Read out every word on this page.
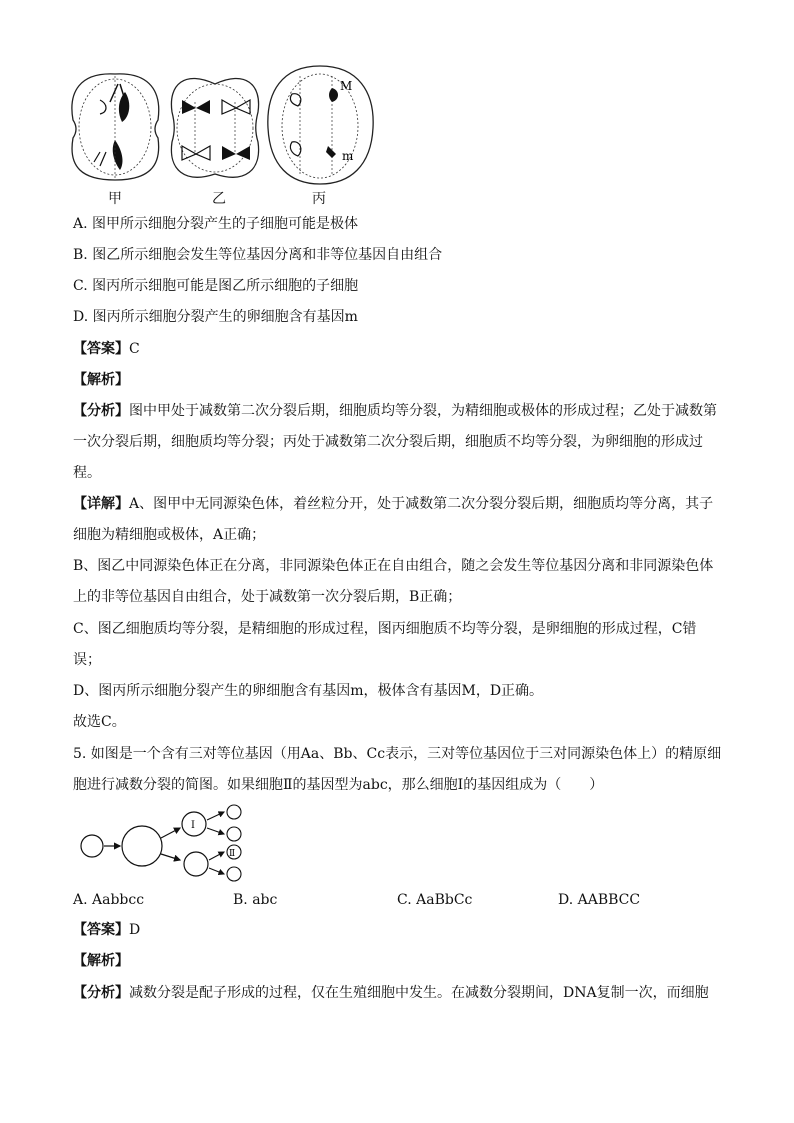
M
m
甲	乙	丙
A. 图甲所示细胞分裂产生的子细胞可能是极体
B. 图乙所示细胞会发生等位基因分离和非等位基因自由组合
C. 图丙所示细胞可能是图乙所示细胞的子细胞
D. 图丙所示细胞分裂产生的卵细胞含有基因m
【答案】C
【解析】
【分析】图中甲处于减数第二次分裂后期，细胞质均等分裂，为精细胞或极体的形成过程；乙处于减数第
一次分裂后期，细胞质均等分裂；丙处于减数第二次分裂后期，细胞质不均等分裂，为卵细胞的形成过
程。
【详解】A、图甲中无同源染色体，着丝粒分开，处于减数第二次分裂分裂后期，细胞质均等分离，其子
细胞为精细胞或极体，A正确；
B、图乙中同源染色体正在分离，非同源染色体正在自由组合，随之会发生等位基因分离和非同源染色体
上的非等位基因自由组合，处于减数第一次分裂后期，B正确；
C、图乙细胞质均等分裂，是精细胞的形成过程，图丙细胞质不均等分裂，是卵细胞的形成过程，C错
误；
D、图丙所示细胞分裂产生的卵细胞含有基因m，极体含有基因M，D正确。
故选C。
5. 如图是一个含有三对等位基因（用Aa、Bb、Cc表示，三对等位基因位于三对同源染色体上）的精原细
胞进行减数分裂的简图。如果细胞Ⅱ的基因型为abc，那么细胞Ⅰ的基因组成为（　　）
Ⅰ
Ⅱ
A. Aabbcc	B. abc	C. AaBbCc	D. AABBCC
【答案】D
【解析】
【分析】减数分裂是配子形成的过程，仅在生殖细胞中发生。在减数分裂期间，DNA复制一次，而细胞
